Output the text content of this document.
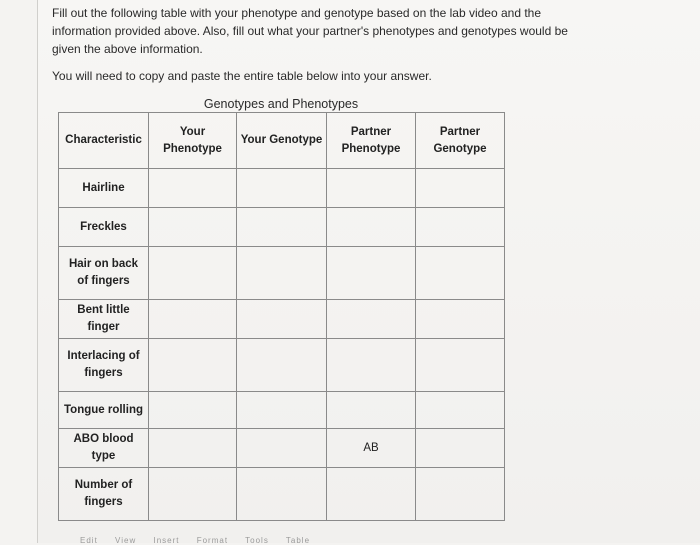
Fill out the following table with your phenotype and genotype based on the lab video and the information provided above. Also, fill out what your partner's phenotypes and genotypes would be given the above information.

You will need to copy and paste the entire table below into your answer.

Genotypes and Phenotypes
Characteristic	Your Phenotype	Your Genotype	Partner Phenotype	Partner Genotype
Hairline				
Freckles				
Hair on back of fingers				
Bent little finger				
Interlacing of fingers				
Tongue rolling				
ABO blood type			AB	
Number of fingers				
Edit View Insert Format Tools Table
